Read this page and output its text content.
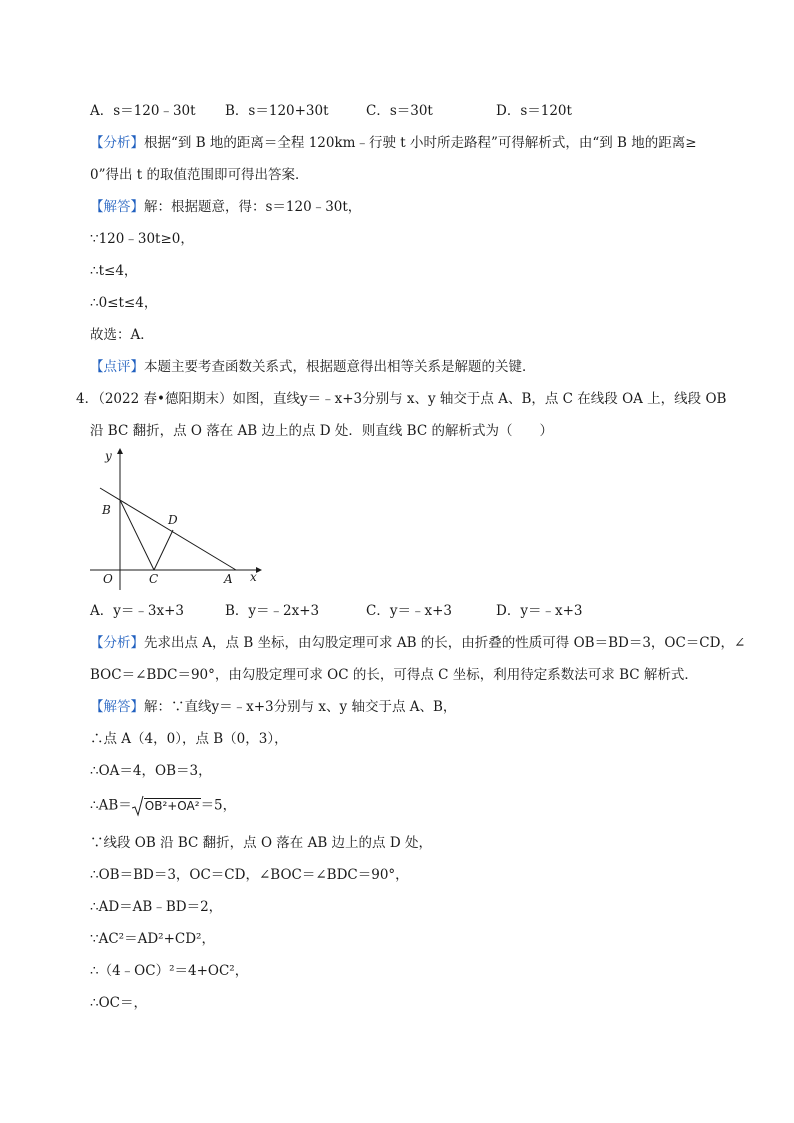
A．s＝120﹣30t B．s＝120+30t	C．s＝30t	D．s＝120t
【分析】根据“到 B 地的距离＝全程 120km﹣行驶 t 小时所走路程”可得解析式，由“到 B 地的距离≥
0”得出 t 的取值范围即可得出答案．
【解答】解：根据题意，得：s＝120﹣30t，
∵120﹣30t≥0，
∴t≤4，
∴0≤t≤4，
故选：A．
【点评】本题主要考查函数关系式，根据题意得出相等关系是解题的关键．
4．（2022 春•德阳期末）如图，直线y＝﹣x+3分别与 x、y 轴交于点 A、B，点 C 在线段 OA 上，线段 OB
沿 BC 翻折，点 O 落在 AB 边上的点 D 处．则直线 BC 的解析式为（　　）
y
x
B
D
O	C	A
A．y＝﹣3x+3	B．y＝﹣2x+3	C．y＝﹣x+3	D．y＝﹣x+3
【分析】先求出点 A，点 B 坐标，由勾股定理可求 AB 的长，由折叠的性质可得 OB＝BD＝3，OC＝CD，∠
BOC＝∠BDC＝90°，由勾股定理可求 OC 的长，可得点 C 坐标，利用待定系数法可求 BC 解析式．
【解答】解：∵直线y＝﹣x+3分别与 x、y 轴交于点 A、B，
∴点 A（4，0），点 B（0，3），
∴OA＝4，OB＝3，
∴AB＝ OB²+OA²＝5，
∵线段 OB 沿 BC 翻折，点 O 落在 AB 边上的点 D 处，
∴OB＝BD＝3，OC＝CD，∠BOC＝∠BDC＝90°，
∴AD＝AB﹣BD＝2，
∵AC²＝AD²+CD²，
∴（4﹣OC）²＝4+OC²，
∴OC＝，
